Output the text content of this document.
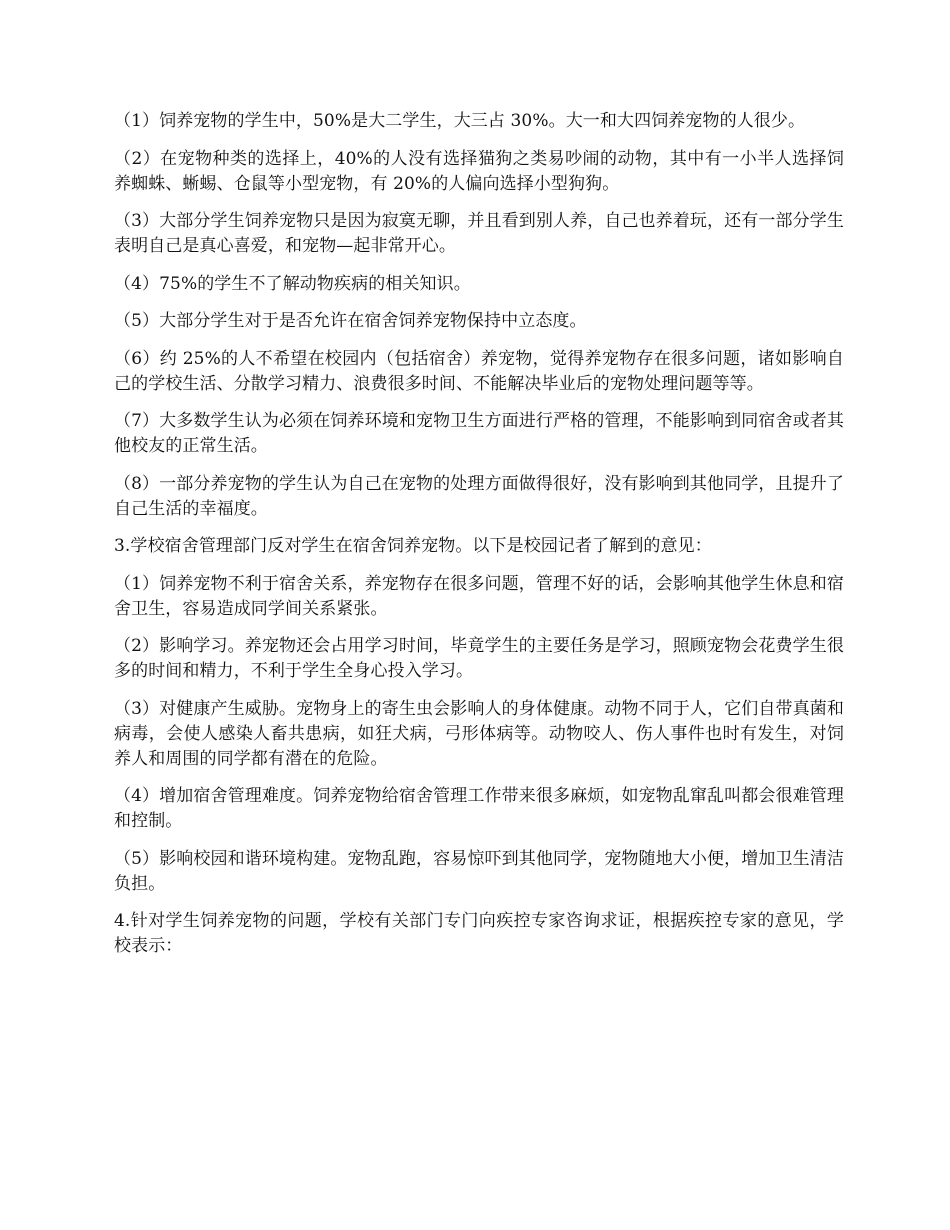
（1）饲养宠物的学生中，50%是大二学生，大三占 30%。大一和大四饲养宠物的人很少。

（2）在宠物种类的选择上，40%的人没有选择猫狗之类易吵闹的动物，其中有一小半人选择饲养蜘蛛、蜥蜴、仓鼠等小型宠物，有 20%的人偏向选择小型狗狗。

（3）大部分学生饲养宠物只是因为寂寞无聊，并且看到别人养，自己也养着玩，还有一部分学生表明自己是真心喜爱，和宠物—起非常开心。

（4）75%的学生不了解动物疾病的相关知识。

（5）大部分学生对于是否允许在宿舍饲养宠物保持中立态度。

（6）约 25%的人不希望在校园内（包括宿舍）养宠物，觉得养宠物存在很多问题，诸如影响自己的学校生活、分散学习精力、浪费很多时间、不能解决毕业后的宠物处理问题等等。

（7）大多数学生认为必须在饲养环境和宠物卫生方面进行严格的管理，不能影响到同宿舍或者其他校友的正常生活。

（8）一部分养宠物的学生认为自己在宠物的处理方面做得很好，没有影响到其他同学，且提升了自己生活的幸福度。

3.学校宿舍管理部门反对学生在宿舍饲养宠物。以下是校园记者了解到的意见：

（1）饲养宠物不利于宿舍关系，养宠物存在很多问题，管理不好的话，会影响其他学生休息和宿舍卫生，容易造成同学间关系紧张。

（2）影响学习。养宠物还会占用学习时间，毕竟学生的主要任务是学习，照顾宠物会花费学生很多的时间和精力，不利于学生全身心投入学习。

（3）对健康产生威胁。宠物身上的寄生虫会影响人的身体健康。动物不同于人，它们自带真菌和病毒，会使人感染人畜共患病，如狂犬病，弓形体病等。动物咬人、伤人事件也时有发生，对饲养人和周围的同学都有潜在的危险。

（4）增加宿舍管理难度。饲养宠物给宿舍管理工作带来很多麻烦，如宠物乱窜乱叫都会很难管理和控制。

（5）影响校园和谐环境构建。宠物乱跑，容易惊吓到其他同学，宠物随地大小便，增加卫生清洁负担。

4.针对学生饲养宠物的问题，学校有关部门专门向疾控专家咨询求证，根据疾控专家的意见，学校表示：
